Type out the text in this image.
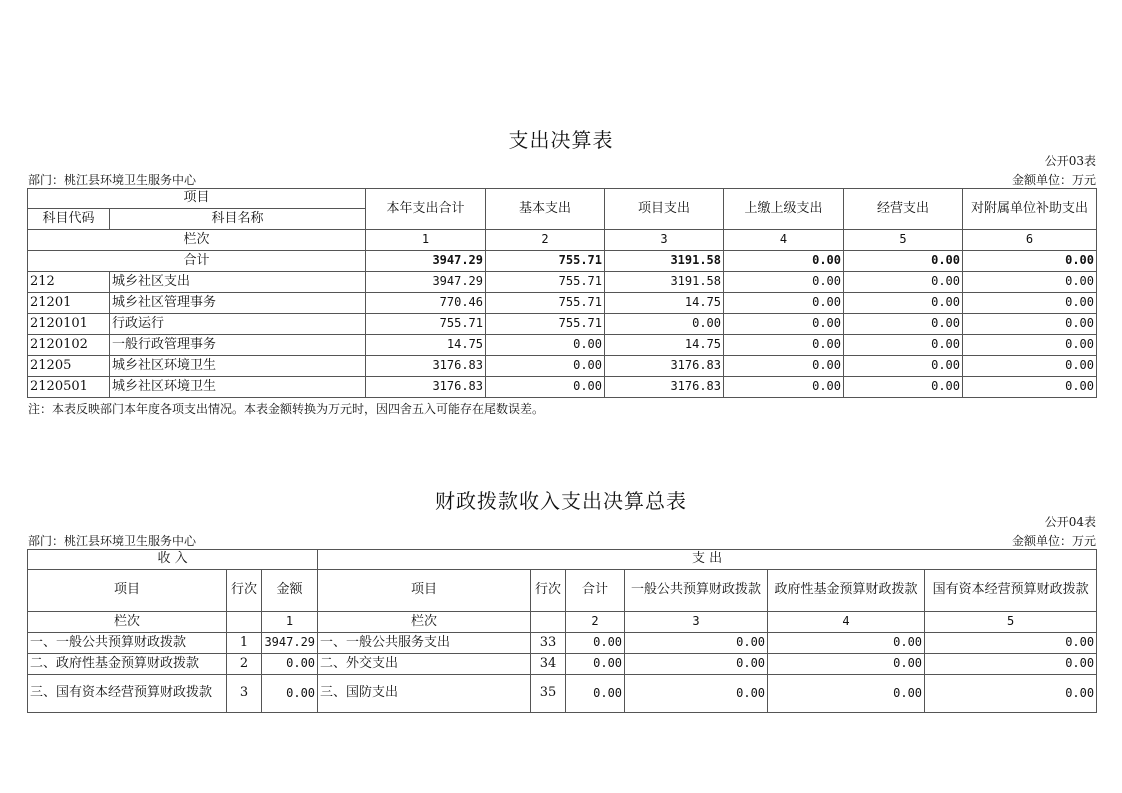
支出决算表
公开03表
部门：桃江县环境卫生服务中心	金额单位：万元
项目		本年支出合计	基本支出	项目支出	上缴上级支出	经营支出	对附属单位补助支出
科目代码	科目名称						
栏次		1	2	3	4	5	6
合计		3947.29	755.71	3191.58	0.00	0.00	0.00
212	城乡社区支出	3947.29	755.71	3191.58	0.00	0.00	0.00
21201	城乡社区管理事务	770.46	755.71	14.75	0.00	0.00	0.00
2120101	行政运行	755.71	755.71	0.00	0.00	0.00	0.00
2120102	一般行政管理事务	14.75	0.00	14.75	0.00	0.00	0.00
21205	城乡社区环境卫生	3176.83	0.00	3176.83	0.00	0.00	0.00
2120501	城乡社区环境卫生	3176.83	0.00	3176.83	0.00	0.00	0.00
注：本表反映部门本年度各项支出情况。本表金额转换为万元时，因四舍五入可能存在尾数误差。
财政拨款收入支出决算总表
公开04表
部门：桃江县环境卫生服务中心	金额单位：万元
收 入			支 出					
项目	行次	金额	项目	行次	合计	一般公共预算财政拨款	政府性基金预算财政拨款	国有资本经营预算财政拨款
栏次		1	栏次		2	3	4	5
一、一般公共预算财政拨款	1	3947.29	一、一般公共服务支出	33	0.00	0.00	0.00	0.00
二、政府性基金预算财政拨款	2	0.00	二、外交支出	34	0.00	0.00	0.00	0.00
三、国有资本经营预算财政拨款	3	0.00	三、国防支出	35	0.00	0.00	0.00	0.00
